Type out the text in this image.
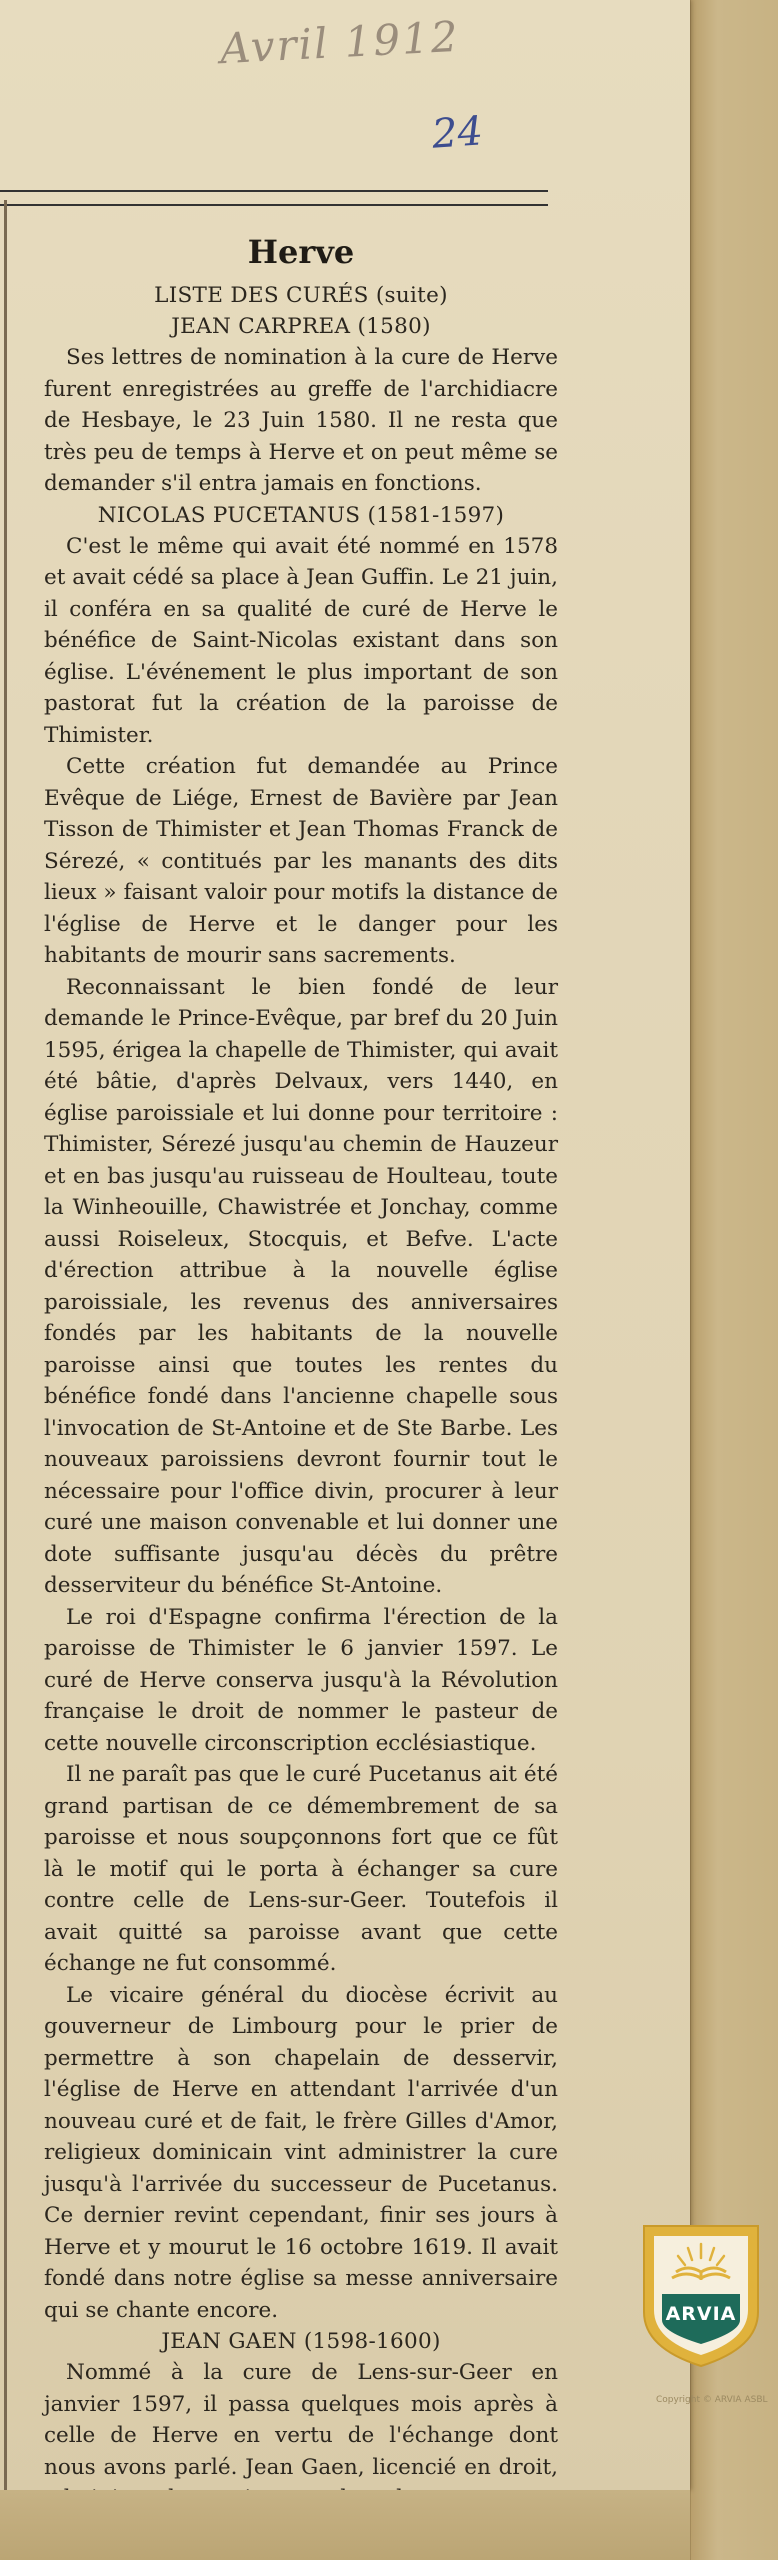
Avril 1912
24
Herve

LISTE DES CURÉS (suite)

JEAN CARPREA (1580)

Ses lettres de nomination à la cure de Herve furent enregistrées au greffe de l'archidiacre de Hesbaye, le 23 Juin 1580. Il ne resta que très peu de temps à Herve et on peut même se demander s'il entra jamais en fonctions.

NICOLAS PUCETANUS (1581-1597)

C'est le même qui avait été nommé en 1578 et avait cédé sa place à Jean Guffin. Le 21 juin, il conféra en sa qualité de curé de Herve le bénéfice de Saint-Nicolas existant dans son église. L'événement le plus important de son pastorat fut la création de la paroisse de Thimister.

Cette création fut demandée au Prince Evêque de Liége, Ernest de Bavière par Jean Tisson de Thimister et Jean Thomas Franck de Sérezé, « contitués par les manants des dits lieux » faisant valoir pour motifs la distance de l'église de Herve et le danger pour les habitants de mourir sans sacrements.

Reconnaissant le bien fondé de leur demande le Prince-Evêque, par bref du 20 Juin 1595, érigea la chapelle de Thimister, qui avait été bâtie, d'après Delvaux, vers 1440, en église paroissiale et lui donne pour territoire : Thimister, Sérezé jusqu'au chemin de Hauzeur et en bas jusqu'au ruisseau de Houlteau, toute la Winheouille, Chawistrée et Jonchay, comme aussi Roiseleux, Stocquis, et Befve. L'acte d'érection attribue à la nouvelle église paroissiale, les revenus des anniversaires fondés par les habitants de la nouvelle paroisse ainsi que toutes les rentes du bénéfice fondé dans l'ancienne chapelle sous l'invocation de St-Antoine et de Ste Barbe. Les nouveaux paroissiens devront fournir tout le nécessaire pour l'office divin, procurer à leur curé une maison convenable et lui donner une dote suffisante jusqu'au décès du prêtre desserviteur du bénéfice St-Antoine.

Le roi d'Espagne confirma l'érection de la paroisse de Thimister le 6 janvier 1597. Le curé de Herve conserva jusqu'à la Révolution française le droit de nommer le pasteur de cette nouvelle circonscription ecclésiastique.

Il ne paraît pas que le curé Pucetanus ait été grand partisan de ce démembrement de sa paroisse et nous soupçonnons fort que ce fût là le motif qui le porta à échanger sa cure contre celle de Lens-sur-Geer. Toutefois il avait quitté sa paroisse avant que cette échange ne fut consommé.

Le vicaire général du diocèse écrivit au gouverneur de Limbourg pour le prier de permettre à son chapelain de desservir, l'église de Herve en attendant l'arrivée d'un nouveau curé et de fait, le frère Gilles d'Amor, religieux dominicain vint administrer la cure jusqu'à l'arrivée du successeur de Pucetanus. Ce dernier revint cependant, finir ses jours à Herve et y mourut le 16 octobre 1619. Il avait fondé dans notre église sa messe anniversaire qui se chante encore.

JEAN GAEN (1598-1600)

Nommé à la cure de Lens-sur-Geer en janvier 1597, il passa quelques mois après à celle de Herve en vertu de l'échange dont nous avons parlé. Jean Gaen, licencié en droit,

ARVIA
Copyright © ARVIA ASBL
